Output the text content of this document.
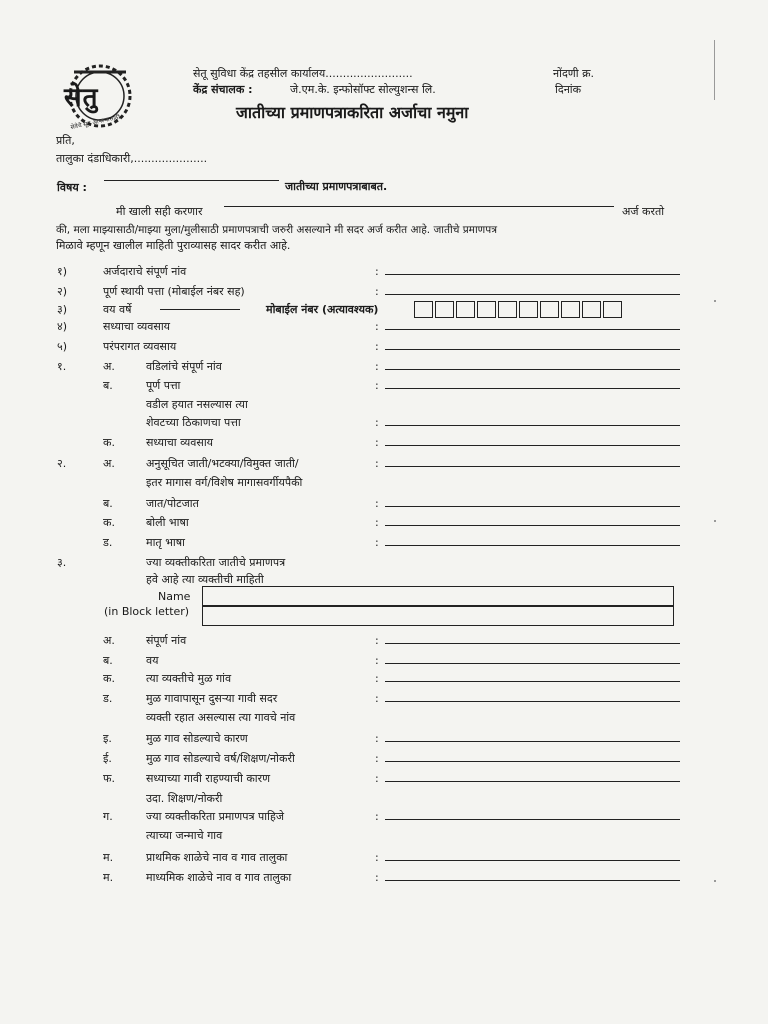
सेतु
सेवेचे सूत्र आपल्यासाठी
सेतू सुविधा केंद्र तहसील कार्यालय.........................
केंद्र संचालक :	जे.एम.के. इन्फोसॉफ्ट सोल्युशन्स लि.
नोंदणी क्र.
दिनांक
जातीच्या प्रमाणपत्राकरिता अर्जाचा नमुना
प्रति,
तालुका दंडाधिकारी,.....................
विषय :	जातीच्या प्रमाणपत्राबाबत.
मी खाली सही करणार	अर्ज करतो
की, मला माझ्यासाठी/माझ्या मुला/मुलीसाठी प्रमाणपत्राची जरुरी असल्याने मी सदर अर्ज करीत आहे. जातीचे प्रमाणपत्र
मिळावे म्हणून खालील माहिती पुराव्यासह सादर करीत आहे.
१)	अर्जदाराचे संपूर्ण नांव	:
२)	पूर्ण स्थायी पत्ता (मोबाईल नंबर सह)	:
३)	वय वर्षे
४)	सध्याचा व्यवसाय	:
५)	परंपरागत व्यवसाय	:
१.	अ.	वडिलांचे संपूर्ण नांव	:
ब.	पूर्ण पत्ता	:
वडील हयात नसल्यास त्या
शेवटच्या ठिकाणचा पत्ता	:
क.	सध्याचा व्यवसाय	:
२.	अ.	अनुसूचित जाती/भटक्या/विमुक्त जाती/	:
इतर मागास वर्ग/विशेष मागासवर्गीयपैकी
ब.	जात/पोटजात	:
क.	बोली भाषा	:
ड.	मातृ भाषा	:
३.	ज्या व्यक्तीकरिता जातीचे प्रमाणपत्र
हवे आहे त्या व्यक्तीची माहिती
मोबाईल नंबर (अत्यावश्यक)
Name
(in Block letter)
अ.	संपूर्ण नांव	:
ब.	वय	:
क.	त्या व्यक्तीचे मुळ गांव	:
ड.	मुळ गावापासून दुसऱ्या गावी सदर	:
व्यक्ती रहात असल्यास त्या गावचे नांव
इ.	मुळ गाव सोडल्याचे कारण	:
ई.	मुळ गाव सोडल्याचे वर्ष/शिक्षण/नोकरी	:
फ.	सध्याच्या गावी राहण्याची कारण	:
उदा. शिक्षण/नोकरी
ग.	ज्या व्यक्तीकरिता प्रमाणपत्र पाहिजे	:
त्याच्या जन्माचे गाव
म.	प्राथमिक शाळेचे नाव व गाव तालुका	:
म.	माध्यमिक शाळेचे नाव व गाव तालुका	:
